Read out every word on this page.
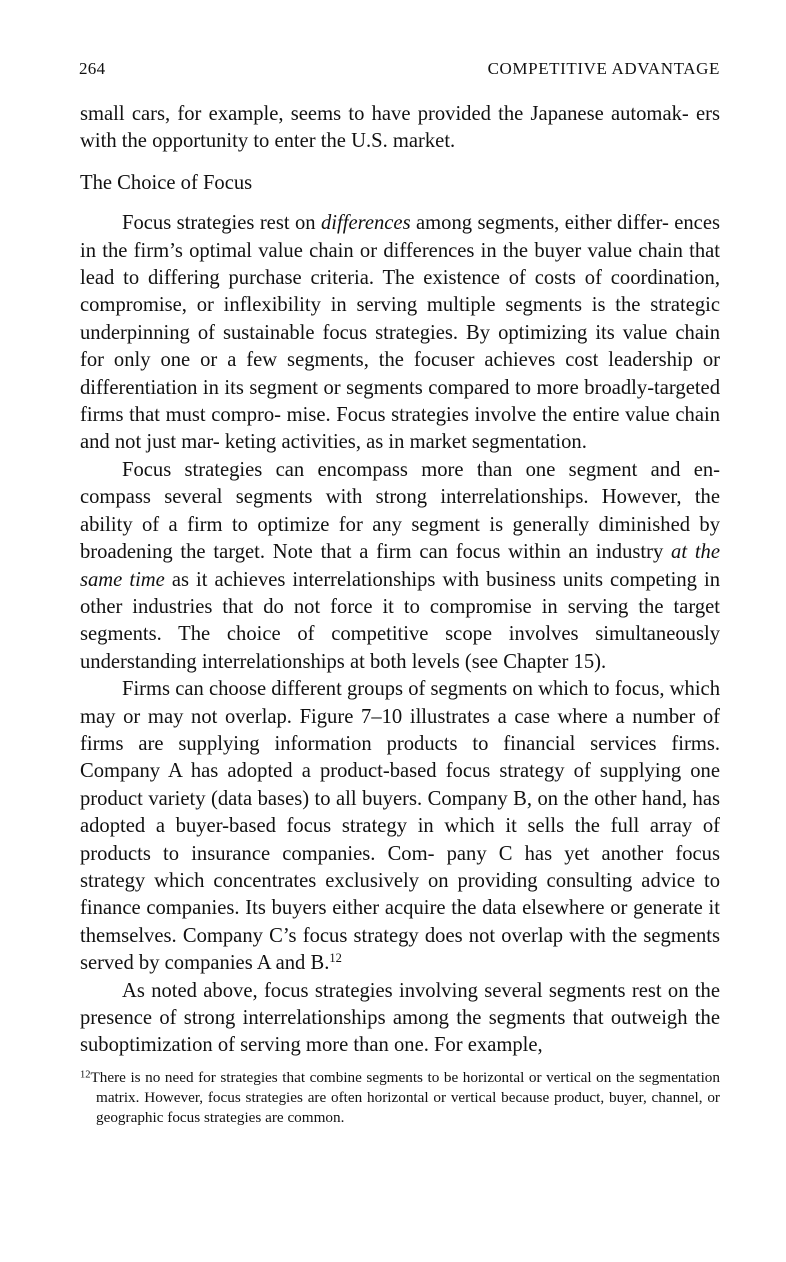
264	COMPETITIVE ADVANTAGE

small cars, for example, seems to have provided the Japanese automak- ers with the opportunity to enter the U.S. market.

The Choice of Focus

Focus strategies rest on differences among segments, either differ- ences in the firm’s optimal value chain or differences in the buyer value chain that lead to differing purchase criteria. The existence of costs of coordination, compromise, or inflexibility in serving multiple segments is the strategic underpinning of sustainable focus strategies. By optimizing its value chain for only one or a few segments, the focuser achieves cost leadership or differentiation in its segment or segments compared to more broadly-targeted firms that must compro- mise. Focus strategies involve the entire value chain and not just mar- keting activities, as in market segmentation.

Focus strategies can encompass more than one segment and en- compass several segments with strong interrelationships. However, the ability of a firm to optimize for any segment is generally diminished by broadening the target. Note that a firm can focus within an industry at the same time as it achieves interrelationships with business units competing in other industries that do not force it to compromise in serving the target segments. The choice of competitive scope involves simultaneously understanding interrelationships at both levels (see Chapter 15).

Firms can choose different groups of segments on which to focus, which may or may not overlap. Figure 7–10 illustrates a case where a number of firms are supplying information products to financial services firms. Company A has adopted a product-based focus strategy of supplying one product variety (data bases) to all buyers. Company B, on the other hand, has adopted a buyer-based focus strategy in which it sells the full array of products to insurance companies. Com- pany C has yet another focus strategy which concentrates exclusively on providing consulting advice to finance companies. Its buyers either acquire the data elsewhere or generate it themselves. Company C’s focus strategy does not overlap with the segments served by companies A and B.$^{12}$

As noted above, focus strategies involving several segments rest on the presence of strong interrelationships among the segments that outweigh the suboptimization of serving more than one. For example,

$^{12}$There is no need for strategies that combine segments to be horizontal or vertical on the segmentation matrix. However, focus strategies are often horizontal or vertical because product, buyer, channel, or geographic focus strategies are common.
